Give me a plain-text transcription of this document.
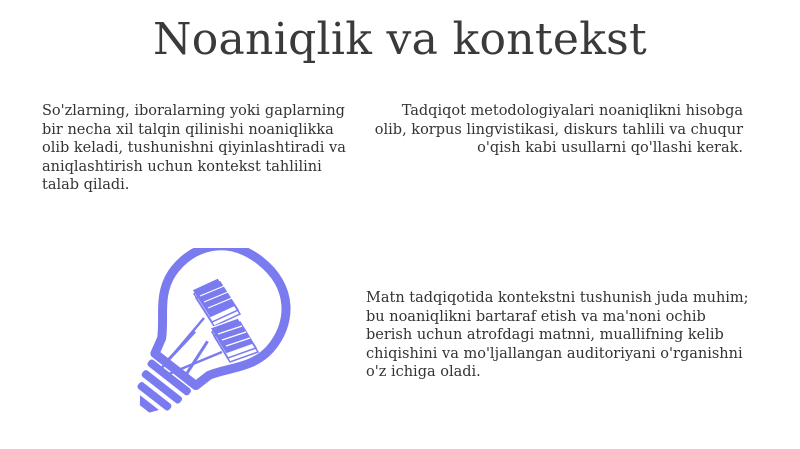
Noaniqlik va kontekst

So'zlarning, iboralarning yoki gaplarning bir necha xil talqin qilinishi noaniqlikka olib keladi, tushunishni qiyinlashtiradi va aniqlashtirish uchun kontekst tahlilini talab qiladi.

Tadqiqot metodologiyalari noaniqlikni hisobga olib, korpus lingvistikasi, diskurs tahlili va chuqur o'qish kabi usullarni qo'llashi kerak.

Matn tadqiqotida kontekstni tushunish juda muhim; bu noaniqlikni bartaraf etish va ma'noni ochib berish uchun atrofdagi matnni, muallifning kelib chiqishini va mo'ljallangan auditoriyani o'rganishni o'z ichiga oladi.
